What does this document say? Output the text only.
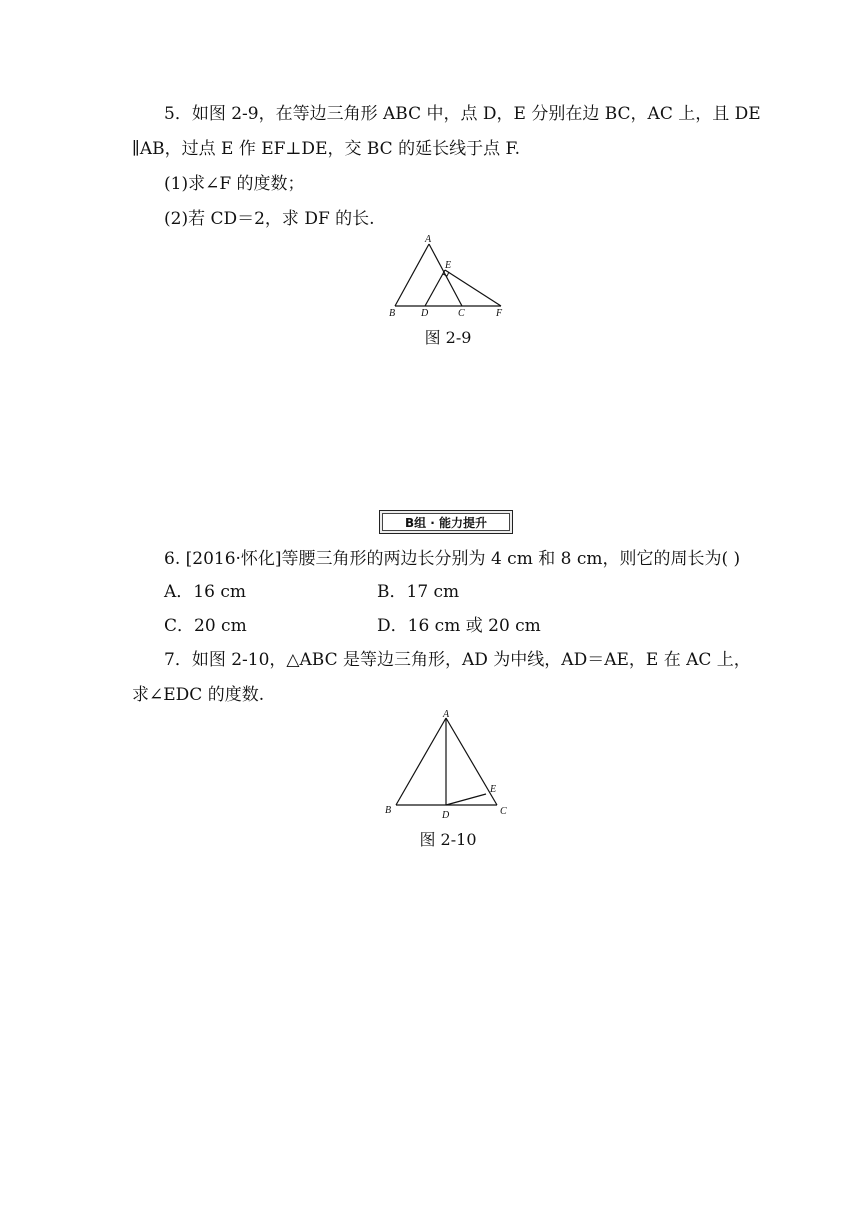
5．如图 2-9，在等边三角形 ABC 中，点 D，E 分别在边 BC，AC 上，且 DE
∥AB，过点 E 作 EF⊥DE，交 BC 的延长线于点 F.
(1)求∠F 的度数；
(2)若 CD＝2，求 DF 的长.
A
E
B	D	C	F
图 2-9
B组 · 能力提升
6. [2016·怀化]等腰三角形的两边长分别为 4 cm 和 8 cm，则它的周长为( )
A．16 cm	B．17 cm
C．20 cm	D．16 cm 或 20 cm
7．如图 2-10，△ABC 是等边三角形，AD 为中线，AD＝AE，E 在 AC 上，
求∠EDC 的度数.
A
E
B	D	C
图 2-10
